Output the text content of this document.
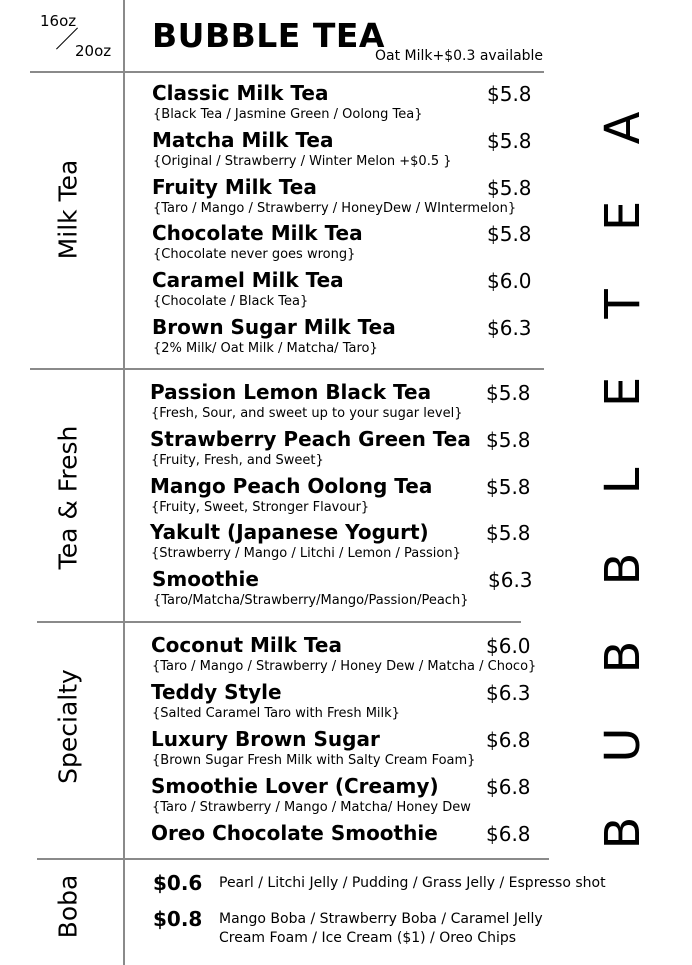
16oz
20oz BUBBLE TEA
Oat Milk+$0.3 available
Milk Tea
Tea & Fresh
Specialty
Boba
Classic Milk Tea	$5.8
{Black Tea / Jasmine Green / Oolong Tea}
Matcha Milk Tea	$5.8
{Original / Strawberry / Winter Melon +$0.5 }
Fruity Milk Tea	$5.8
{Taro / Mango / Strawberry / HoneyDew / WIntermelon}
Chocolate Milk Tea	$5.8
{Chocolate never goes wrong}
Caramel Milk Tea	$6.0
{Chocolate / Black Tea}
Brown Sugar Milk Tea	$6.3
{2% Milk/ Oat Milk / Matcha/ Taro}
Passion Lemon Black Tea	$5.8
{Fresh, Sour, and sweet up to your sugar level}
Strawberry Peach Green Tea $5.8
{Fruity, Fresh, and Sweet}
Mango Peach Oolong Tea	$5.8
{Fruity, Sweet, Stronger Flavour}
Yakult (Japanese Yogurt)	$5.8
{Strawberry / Mango / Litchi / Lemon / Passion}
Smoothie	$6.3
{Taro/Matcha/Strawberry/Mango/Passion/Peach}
Coconut Milk Tea	$6.0
{Taro / Mango / Strawberry / Honey Dew / Matcha / Choco}
Teddy Style	$6.3
{Salted Caramel Taro with Fresh Milk}
Luxury Brown Sugar	$6.8
{Brown Sugar Fresh Milk with Salty Cream Foam}
Smoothie Lover (Creamy) $6.8
{Taro / Strawberry / Mango / Matcha/ Honey Dew
Oreo Chocolate Smoothie $6.8
$0.6 Pearl / Litchi Jelly / Pudding / Grass Jelly / Espresso shot
$0.8 Mango Boba / Strawberry Boba / Caramel Jelly
Cream Foam / Ice Cream ($1) / Oreo Chips
B
U
B
B
L
E
T
E
A
